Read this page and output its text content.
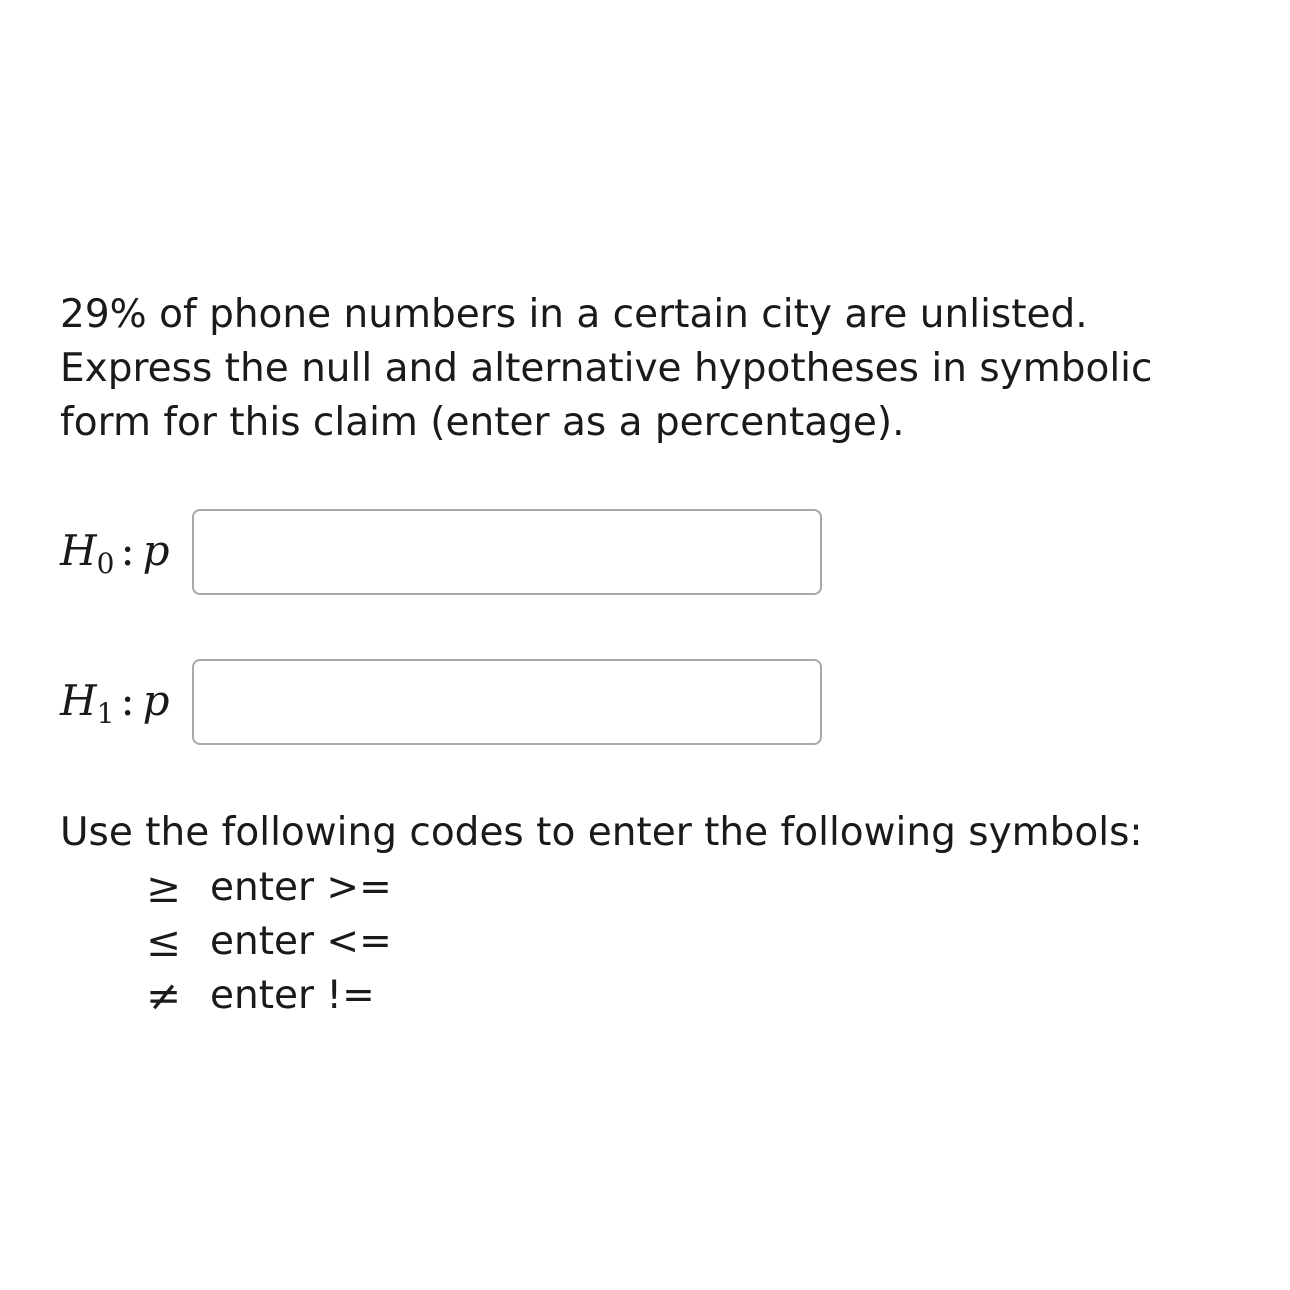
29% of phone numbers in a certain city are unlisted. Express the null and alternative hypotheses in symbolic form for this claim (enter as a percentage).

$H_0$ : p
$H_1$ : p

Use the following codes to enter the following symbols:

≥ enter >=
≤ enter <=
≠ enter !=
